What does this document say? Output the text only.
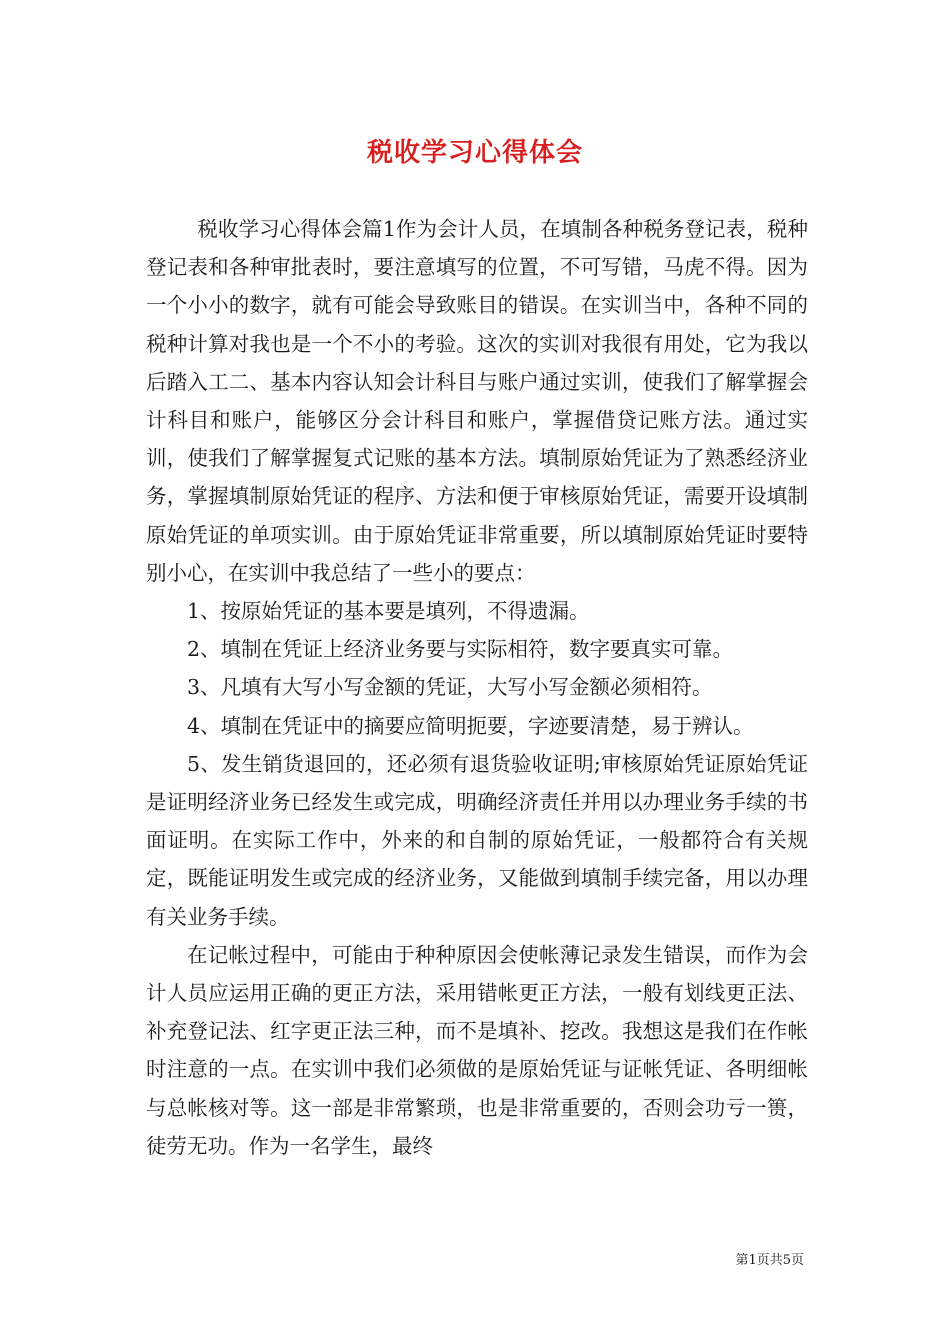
税收学习心得体会

税收学习心得体会篇1作为会计人员，在填制各种税务登记表，税种登记表和各种审批表时，要注意填写的位置，不可写错，马虎不得。因为一个小小的数字，就有可能会导致账目的错误。在实训当中，各种不同的税种计算对我也是一个不小的考验。这次的实训对我很有用处，它为我以后踏入工二、基本内容认知会计科目与账户通过实训，使我们了解掌握会计科目和账户，能够区分会计科目和账户，掌握借贷记账方法。通过实训，使我们了解掌握复式记账的基本方法。填制原始凭证为了熟悉经济业务，掌握填制原始凭证的程序、方法和便于审核原始凭证，需要开设填制原始凭证的单项实训。由于原始凭证非常重要，所以填制原始凭证时要特别小心，在实训中我总结了一些小的要点：

1、按原始凭证的基本要是填列，不得遗漏。

2、填制在凭证上经济业务要与实际相符，数字要真实可靠。

3、凡填有大写小写金额的凭证，大写小写金额必须相符。

4、填制在凭证中的摘要应简明扼要，字迹要清楚，易于辨认。

5、发生销货退回的，还必须有退货验收证明;审核原始凭证原始凭证是证明经济业务已经发生或完成，明确经济责任并用以办理业务手续的书面证明。在实际工作中，外来的和自制的原始凭证，一般都符合有关规定，既能证明发生或完成的经济业务，又能做到填制手续完备，用以办理有关业务手续。

在记帐过程中，可能由于种种原因会使帐薄记录发生错误，而作为会计人员应运用正确的更正方法，采用错帐更正方法，一般有划线更正法、补充登记法、红字更正法三种，而不是填补、挖改。我想这是我们在作帐时注意的一点。在实训中我们必须做的是原始凭证与证帐凭证、各明细帐与总帐核对等。这一部是非常繁琐，也是非常重要的，否则会功亏一篑，徒劳无功。作为一名学生，最终

第1页共5页
